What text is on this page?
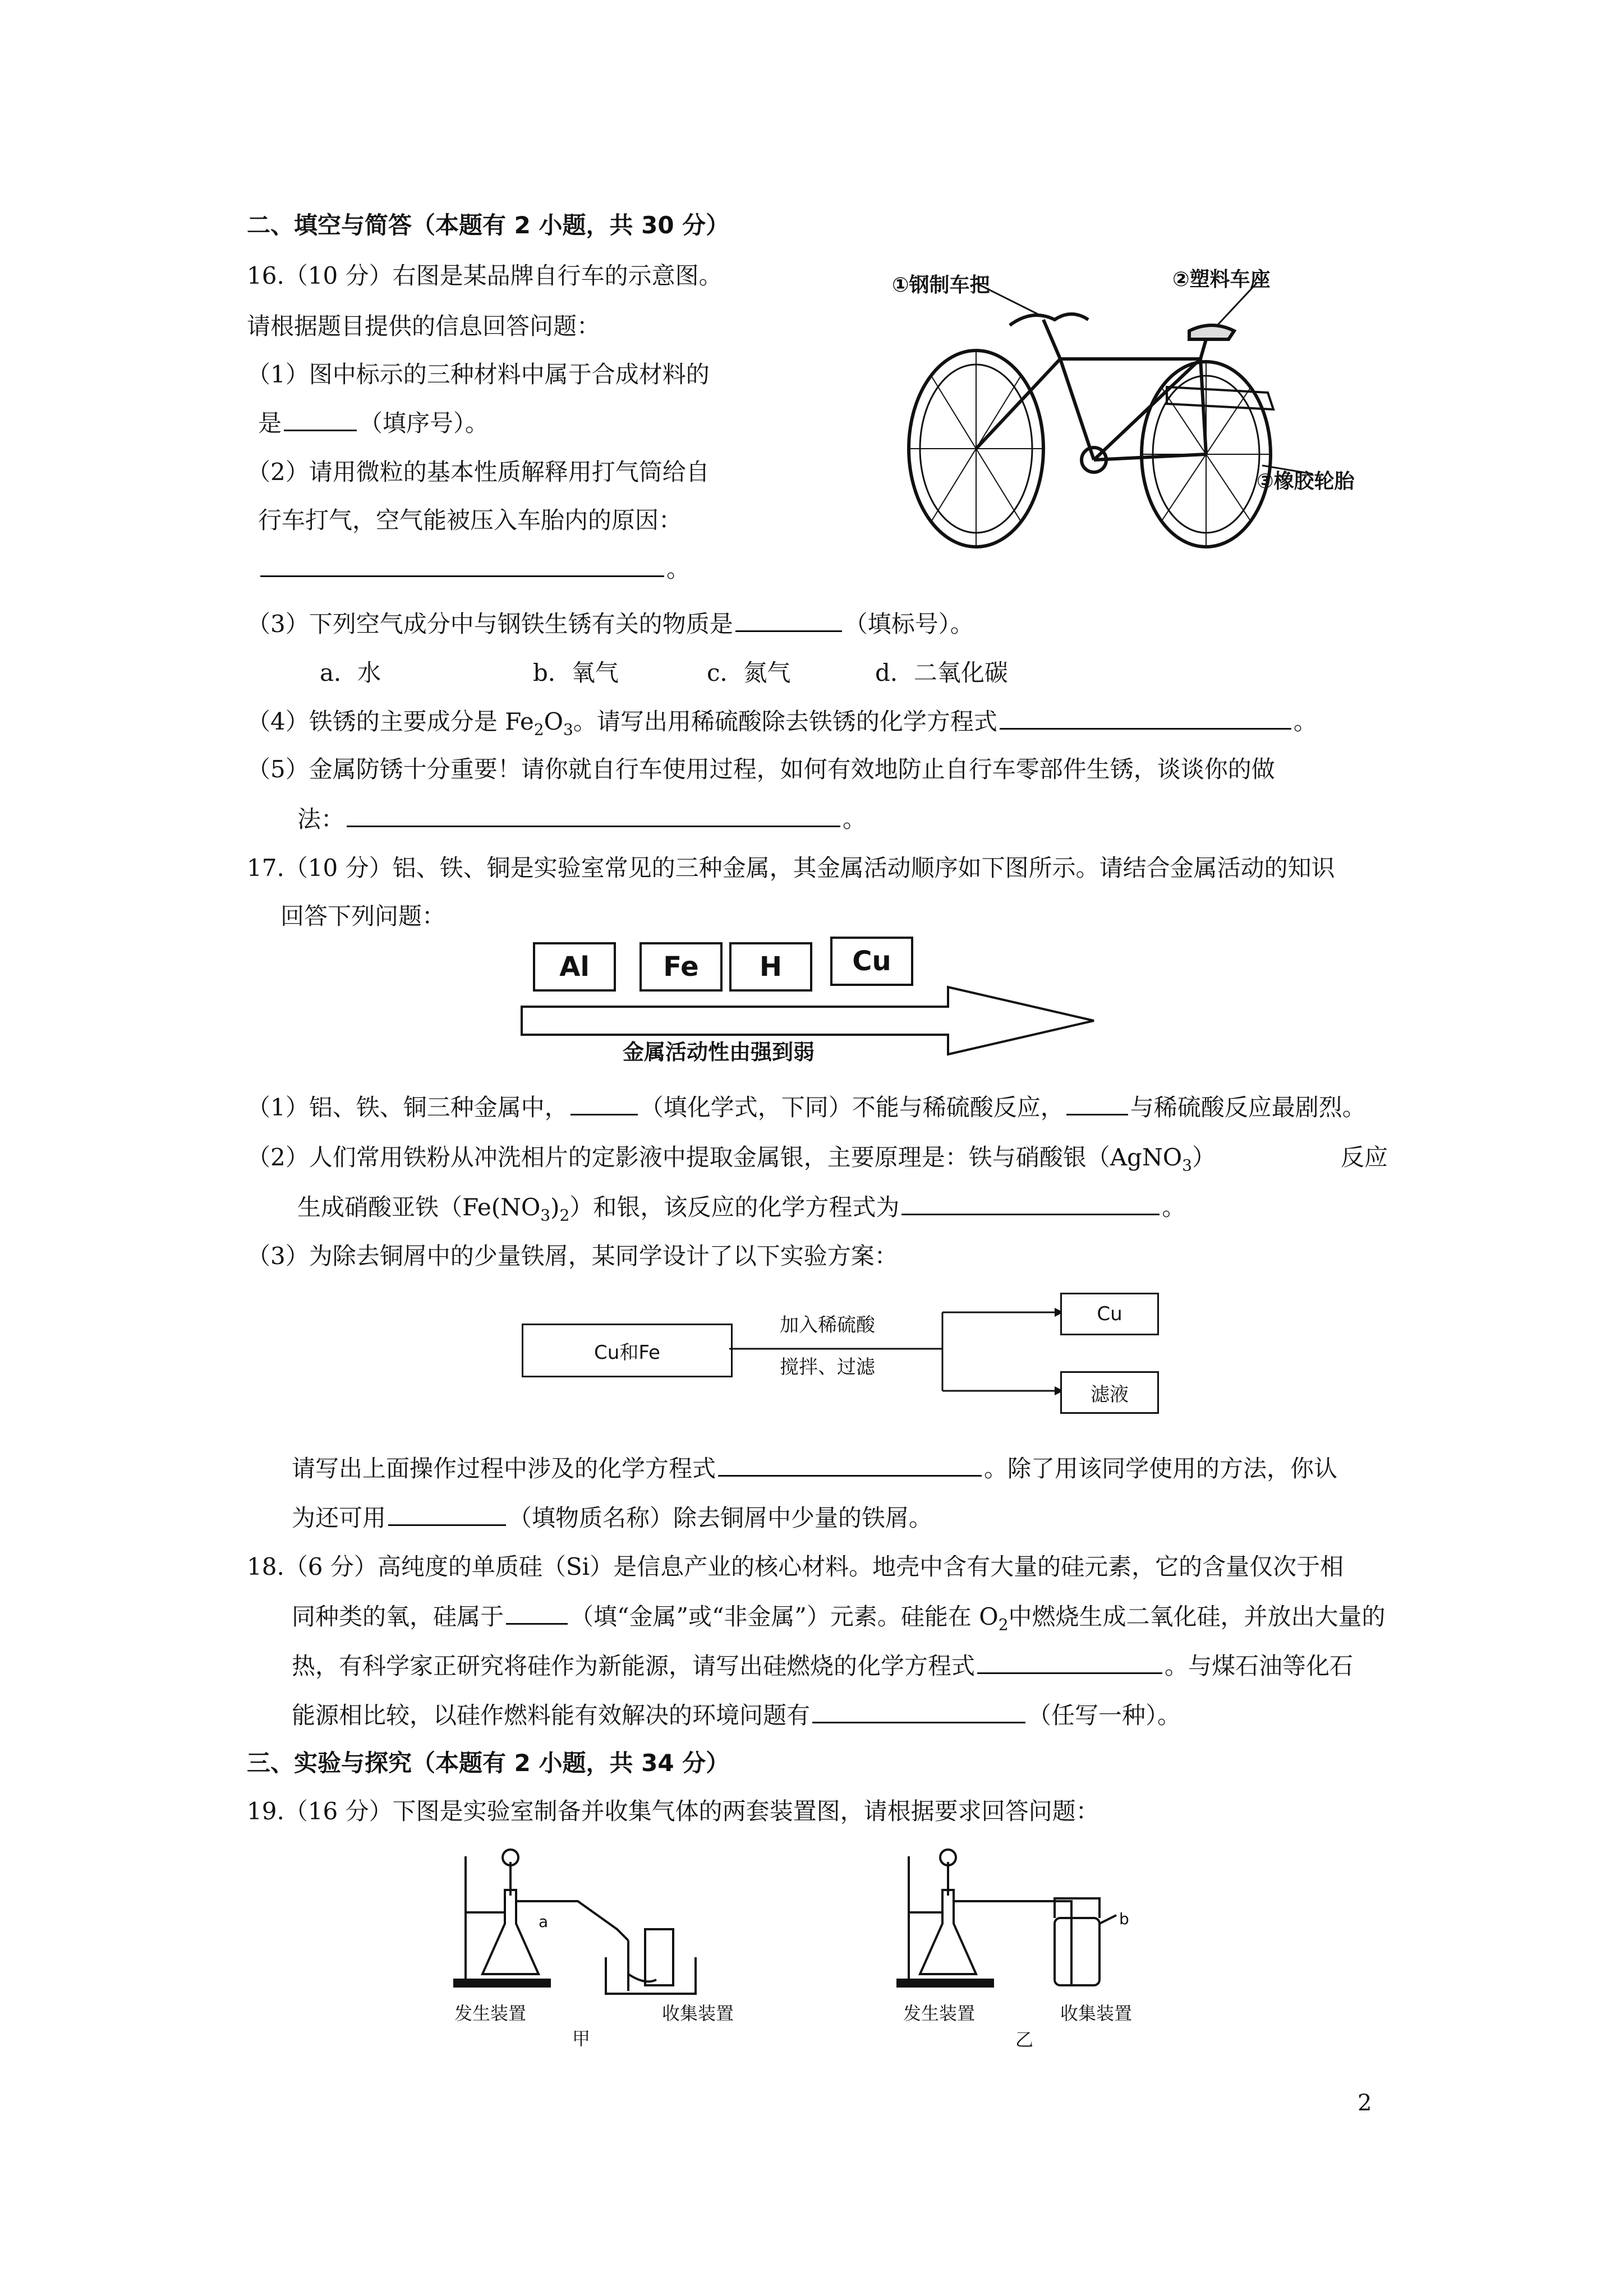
二、填空与简答（本题有 2 小题，共 30 分）
16.（10 分）右图是某品牌自行车的示意图。
请根据题目提供的信息回答问题：
（1）图中标示的三种材料中属于合成材料的
是	（填序号）。
（2）请用微粒的基本性质解释用打气筒给自
行车打气，空气能被压入车胎内的原因：
。
①钢制车把	②塑料车座
③橡胶轮胎
（3）下列空气成分中与钢铁生锈有关的物质是	（填标号）。
a．水	b．氧气	c．氮气	d．二氧化碳
（4）铁锈的主要成分是 $Fe_2O_3$。请写出用稀硫酸除去铁锈的化学方程式	。
（5）金属防锈十分重要！请你就自行车使用过程，如何有效地防止自行车零部件生锈，谈谈你的做
法：	。
17.（10 分）铝、铁、铜是实验室常见的三种金属，其金属活动顺序如下图所示。请结合金属活动的知识
回答下列问题：
Al	Fe H	Cu
金属活动性由强到弱
（1）铝、铁、铜三种金属中，	（填化学式，下同）不能与稀硫酸反应，	与稀硫酸反应最剧烈。
（2）人们常用铁粉从冲洗相片的定影液中提取金属银，主要原理是：铁与硝酸银（AgNO$_3$）	反应
生成硝酸亚铁$(Fe(NO_3)_2)$和银，该反应的化学方程式为	。
（3）为除去铜屑中的少量铁屑，某同学设计了以下实验方案：
Cu和Fe
加入稀硫酸
搅拌、过滤
Cu
滤液
请写出上面操作过程中涉及的化学方程式	。除了用该同学使用的方法，你认
为还可用	（填物质名称）除去铜屑中少量的铁屑。
18.（6 分）高纯度的单质硅（Si）是信息产业的核心材料。地壳中含有大量的硅元素，它的含量仅次于相
同种类的氧，硅属于	（填“金属”或“非金属”）元素。硅能在 $O_2$中燃烧生成二氧化硅，并放出大量的
热，有科学家正研究将硅作为新能源，请写出硅燃烧的化学方程式	。与煤石油等化石
能源相比较，以硅作燃料能有效解决的环境问题有	（任写一种）。
三、实验与探究（本题有 2 小题，共 34 分）
19.（16 分）下图是实验室制备并收集气体的两套装置图，请根据要求回答问题：
a
发生装置	收集装置
甲
b
发生装置	收集装置
乙
2
